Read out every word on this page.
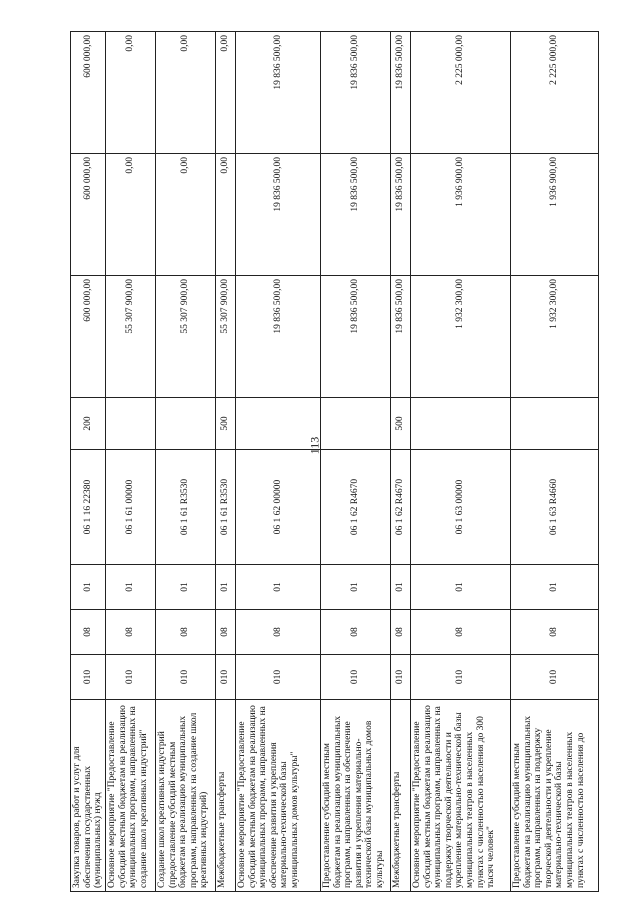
113
Закупка товаров, работ и услуг для обеспечения государственных (муниципальных) нужд	010	08	01	06 1 16 22380	200	600 000,00	600 000,00	600 000,00
Основное мероприятие "Предоставление субсидий местным бюджетам на реализацию муниципальных программ, направленных на создание школ креативных индустрий"	010	08	01	06 1 61 00000		55 307 900,00	0,00	0,00
Создание школ креативных индустрий (предоставление субсидий местным бюджетам на реализацию муниципальных программ, направленных на создание школ креативных индустрий)	010	08	01	06 1 61 R3530		55 307 900,00	0,00	0,00
Межбюджетные трансферты	010	08	01	06 1 61 R3530	500	55 307 900,00	0,00	0,00
Основное мероприятие "Предоставление субсидий местным бюджетам на реализацию муниципальных программ, направленных на обеспечение развития и укрепления материально-технической базы муниципальных домов культуры"	010	08	01	06 1 62 00000		19 836 500,00	19 836 500,00	19 836 500,00
Предоставление субсидий местным бюджетам на реализацию муниципальных программ, направленных на обеспечение развития и укрепления материально-технической базы муниципальных домов культуры	010	08	01	06 1 62 R4670		19 836 500,00	19 836 500,00	19 836 500,00
Межбюджетные трансферты	010	08	01	06 1 62 R4670	500	19 836 500,00	19 836 500,00	19 836 500,00
Основное мероприятие "Предоставление субсидий местным бюджетам на реализацию муниципальных программ, направленных на поддержку творческой деятельности и укрепление материально-технической базы муниципальных театров в населенных пунктах с численностью населения до 300 тысяч человек"	010	08	01	06 1 63 00000		1 932 300,00	1 936 900,00	2 225 000,00
Предоставление субсидий местным бюджетам на реализацию муниципальных программ, направленных на поддержку творческой деятельности и укрепление материально-технической базы муниципальных театров в населенных пунктах с численностью населения до	010	08	01	06 1 63 R4660		1 932 300,00	1 936 900,00	2 225 000,00
